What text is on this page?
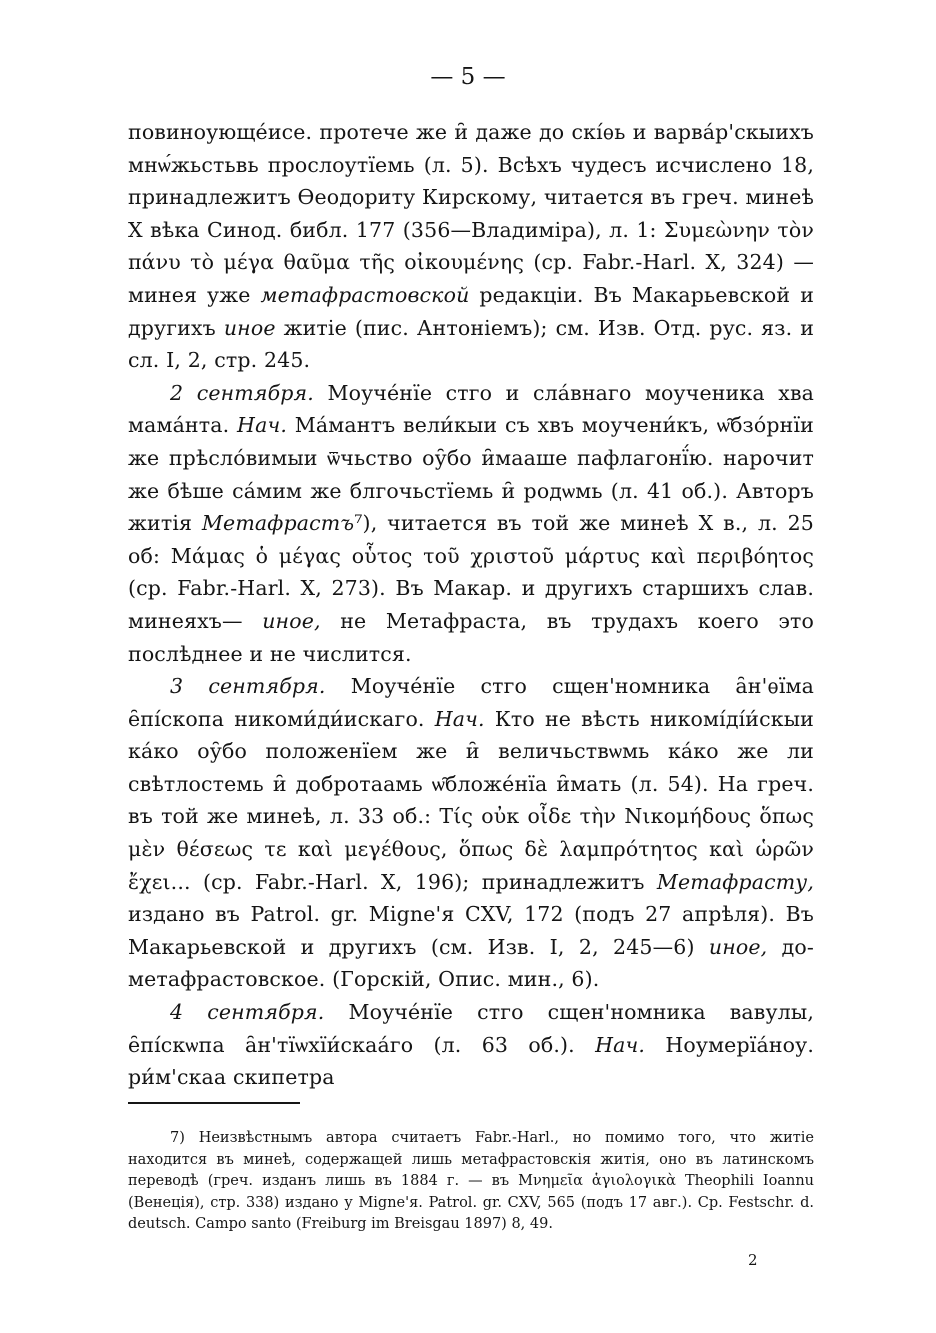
— 5 —

повиноующе́исе. протече же и̑ даже до скі́ѳь и варва́р'скыихъ мнѡ́жьстьвь прослоутїемь (л. 5). Всѣхъ чудесъ исчислено 18, принадлежитъ Ѳеодориту Кирскому, читается въ греч. минеѣ Х вѣка Синод. библ. 177 (356—Владиміра), л. 1: Συμεὼνην τὸν πάνυ τὸ μέγα θαῦμα τῆς οἰκουμένης (ср. Fabr.-Harl. X, 324) — минея уже метафрастовской редакціи. Въ Макарьевской и другихъ иное житіе (пис. Антоніемъ); см. Изв. Отд. рус. яз. и сл. I, 2, стр. 245.

2 сентября. Моуче́нїе стго и сла́внаго моученика хва мама́нта. Нач. Ма́мантъ вели́кыи съ хвъ моучени́къ, ѡ̑бзо́рнїи же прѣсло́вимыи ѿчьство оу̑бо и̑мааше пафлагонї́ю. нарочит же бѣше са́мим же блгочьстїемь и̑ родѡмь (л. 41 об.). Авторъ житія Метафрастъ⁷), читается въ той же минеѣ Х в., л. 25 об: Μάμας ὁ μέγας οὗτος τοῦ χριστοῦ μάρτυς καὶ περιβόητος (ср. Fabr.-Harl. X, 273). Въ Макар. и другихъ старшихъ слав. минеяхъ— иное, не Метафраста, въ трудахъ коего это послѣднее и не числится.

3 сентября. Моуче́нїе стго сщен'номника а̑н'ѳїма е̑пі́скопа никоми́ди́искаго. Нач. Кто не вѣсть никомі́ді́и́скыи ка́ко оу̑бо положенїем же и̑ величьствѡмь ка́ко же ли свѣтлостемь и̑ добротаамь ѡ̑бложе́нїа и̑мать (л. 54). На греч. въ той же минеѣ, л. 33 об.: Τίς οὐκ οἶδε τὴν Νικομήδους ὅπως μὲν θέσεως τε καὶ μεγέθους, ὅπως δὲ λαμπρότητος καὶ ὡρῶν ἔχει... (ср. Fabr.-Harl. X, 196); принадлежитъ Метафрасту, издано въ Patrol. gr. Migne'я CXV, 172 (подъ 27 апрѣля). Въ Макарьевской и другихъ (см. Изв. I, 2, 245—6) иное, до-метафрастовское. (Горскій, Опис. мин., 6).

4 сентября. Моуче́нїе стго сщен'номника вавулы, е̑пі́скѡпа а̑н'тїѡхїи́скаа́го (л. 63 об.). Нач. Ноумерїа́ноу. ри́м'скаа скипетра

7) Неизвѣстнымъ автора считаетъ Fabr.-Harl., но помимо того, что житіе находится въ минеѣ, содержащей лишь метафрастовскія житія, оно въ латинскомъ переводѣ (греч. изданъ лишь въ 1884 г. — въ Μνημεῖα ἁγιολογικὰ Theophili Ioannu (Венеція), стр. 338) издано у Migne'я. Patrol. gr. CXV, 565 (подъ 17 авг.). Ср. Festschr. d. deutsch. Campo santo (Freiburg im Breisgau 1897) 8, 49.

2
